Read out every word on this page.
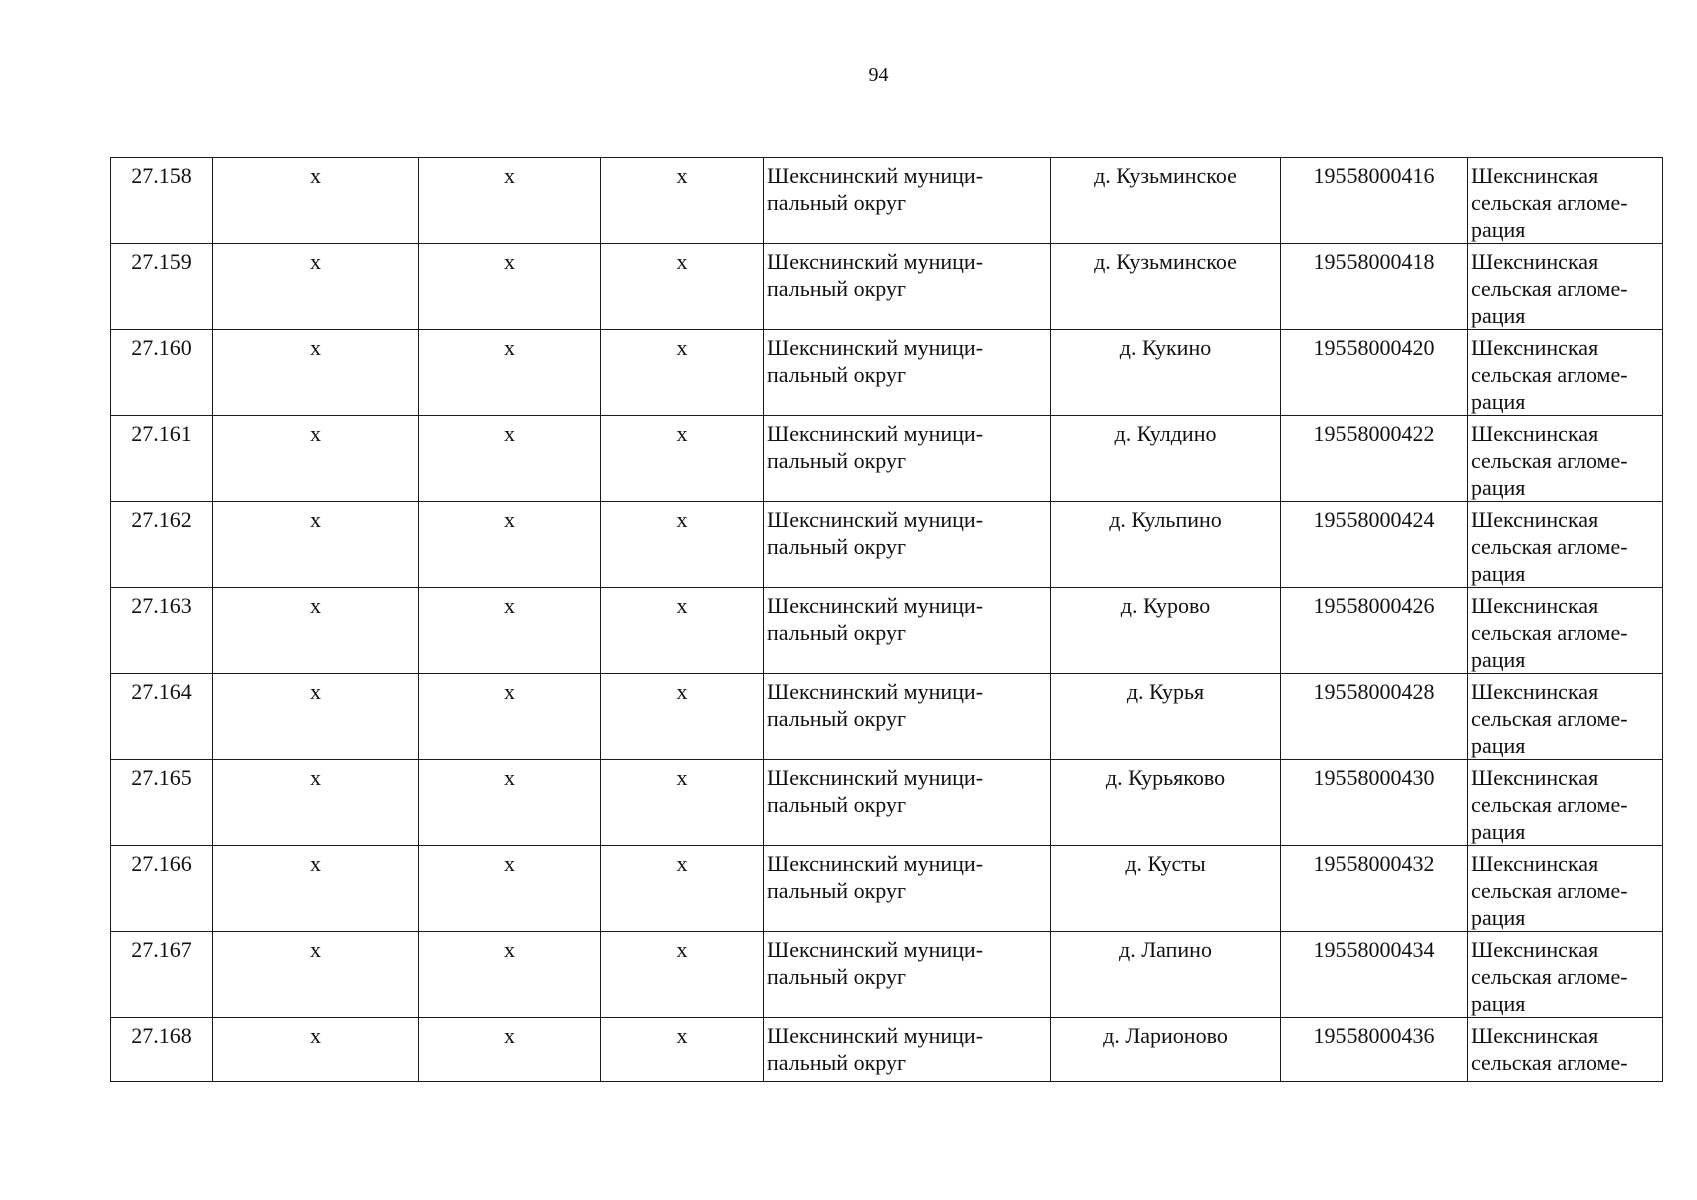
94
27.158	x	x	x	Шекснинский муници-
пальный округ	д. Кузьминское	19558000416	Шекснинская
сельская агломе-
рация

27.159	x	x	x	Шекснинский муници-
пальный округ	д. Кузьминское	19558000418	Шекснинская
сельская агломе-
рация

27.160	x	x	x	Шекснинский муници-
пальный округ	д. Кукино	19558000420	Шекснинская
сельская агломе-
рация

27.161	x	x	x	Шекснинский муници-
пальный округ	д. Кулдино	19558000422	Шекснинская
сельская агломе-
рация

27.162	x	x	x	Шекснинский муници-
пальный округ	д. Кульпино	19558000424	Шекснинская
сельская агломе-
рация

27.163	x	x	x	Шекснинский муници-
пальный округ	д. Курово	19558000426	Шекснинская
сельская агломе-
рация

27.164	x	x	x	Шекснинский муници-
пальный округ	д. Курья	19558000428	Шекснинская
сельская агломе-
рация

27.165	x	x	x	Шекснинский муници-
пальный округ	д. Курьяково	19558000430	Шекснинская
сельская агломе-
рация

27.166	x	x	x	Шекснинский муници-
пальный округ	д. Кусты	19558000432	Шекснинская
сельская агломе-
рация

27.167	x	x	x	Шекснинский муници-
пальный округ	д. Лапино	19558000434	Шекснинская
сельская агломе-
рация

27.168	x	x	x	Шекснинский муници-
пальный округ	д. Ларионово	19558000436	Шекснинская
сельская агломе-
